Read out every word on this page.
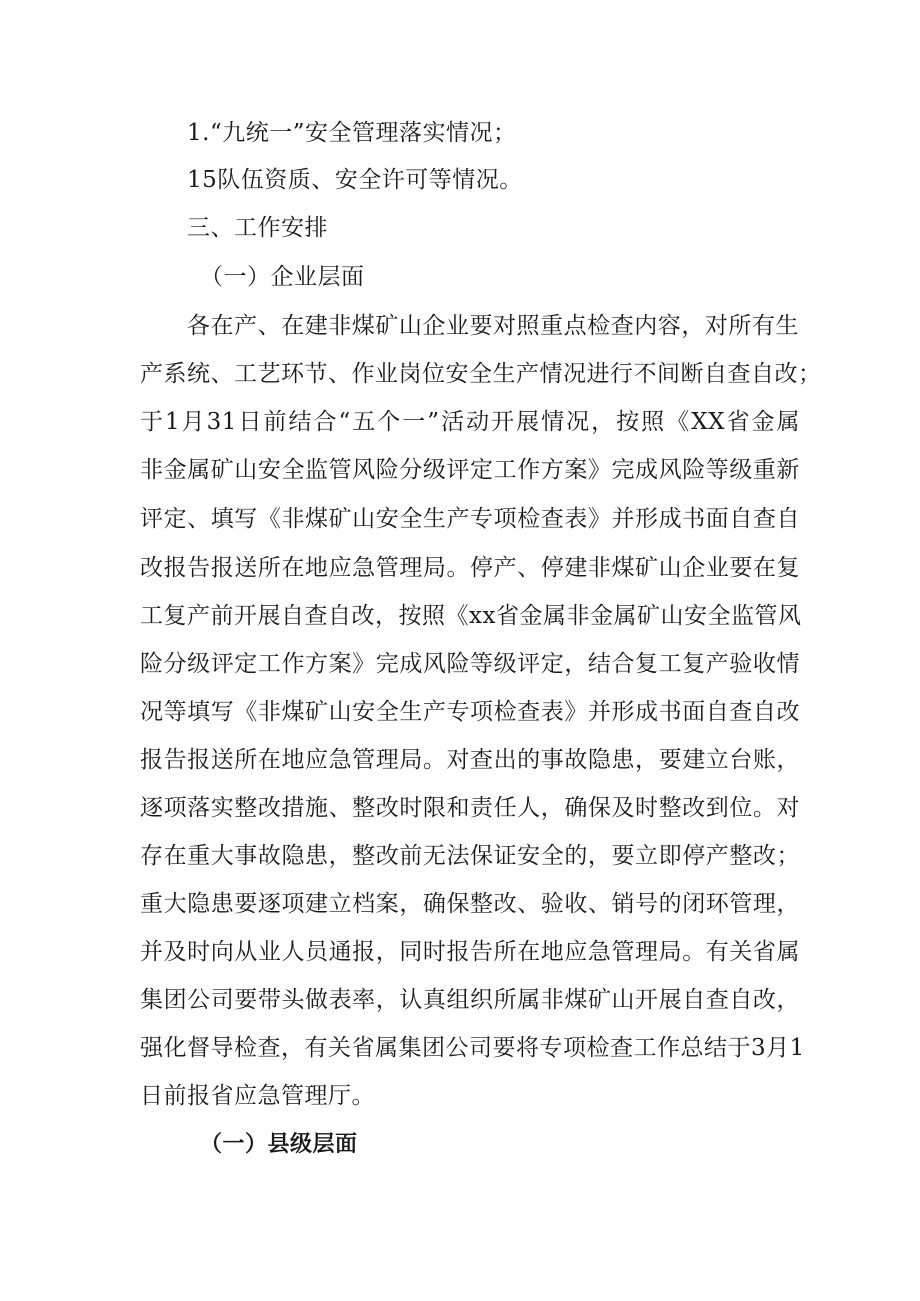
1.“九统一”安全管理落实情况；
15队伍资质、安全许可等情况。
三、工作安排
（一）企业层面
各在产、在建非煤矿山企业要对照重点检查内容，对所有生
产系统、工艺环节、作业岗位安全生产情况进行不间断自查自改；
于1月31日前结合“五个一”活动开展情况，按照《XX省金属
非金属矿山安全监管风险分级评定工作方案》完成风险等级重新
评定、填写《非煤矿山安全生产专项检查表》并形成书面自查自
改报告报送所在地应急管理局。停产、停建非煤矿山企业要在复
工复产前开展自查自改，按照《xx省金属非金属矿山安全监管风
险分级评定工作方案》完成风险等级评定，结合复工复产验收情
况等填写《非煤矿山安全生产专项检查表》并形成书面自查自改
报告报送所在地应急管理局。对查出的事故隐患，要建立台账，
逐项落实整改措施、整改时限和责任人，确保及时整改到位。对
存在重大事故隐患，整改前无法保证安全的，要立即停产整改；
重大隐患要逐项建立档案，确保整改、验收、销号的闭环管理，
并及时向从业人员通报，同时报告所在地应急管理局。有关省属
集团公司要带头做表率，认真组织所属非煤矿山开展自查自改，
强化督导检查，有关省属集团公司要将专项检查工作总结于3月1
日前报省应急管理厅。
（一）县级层面
